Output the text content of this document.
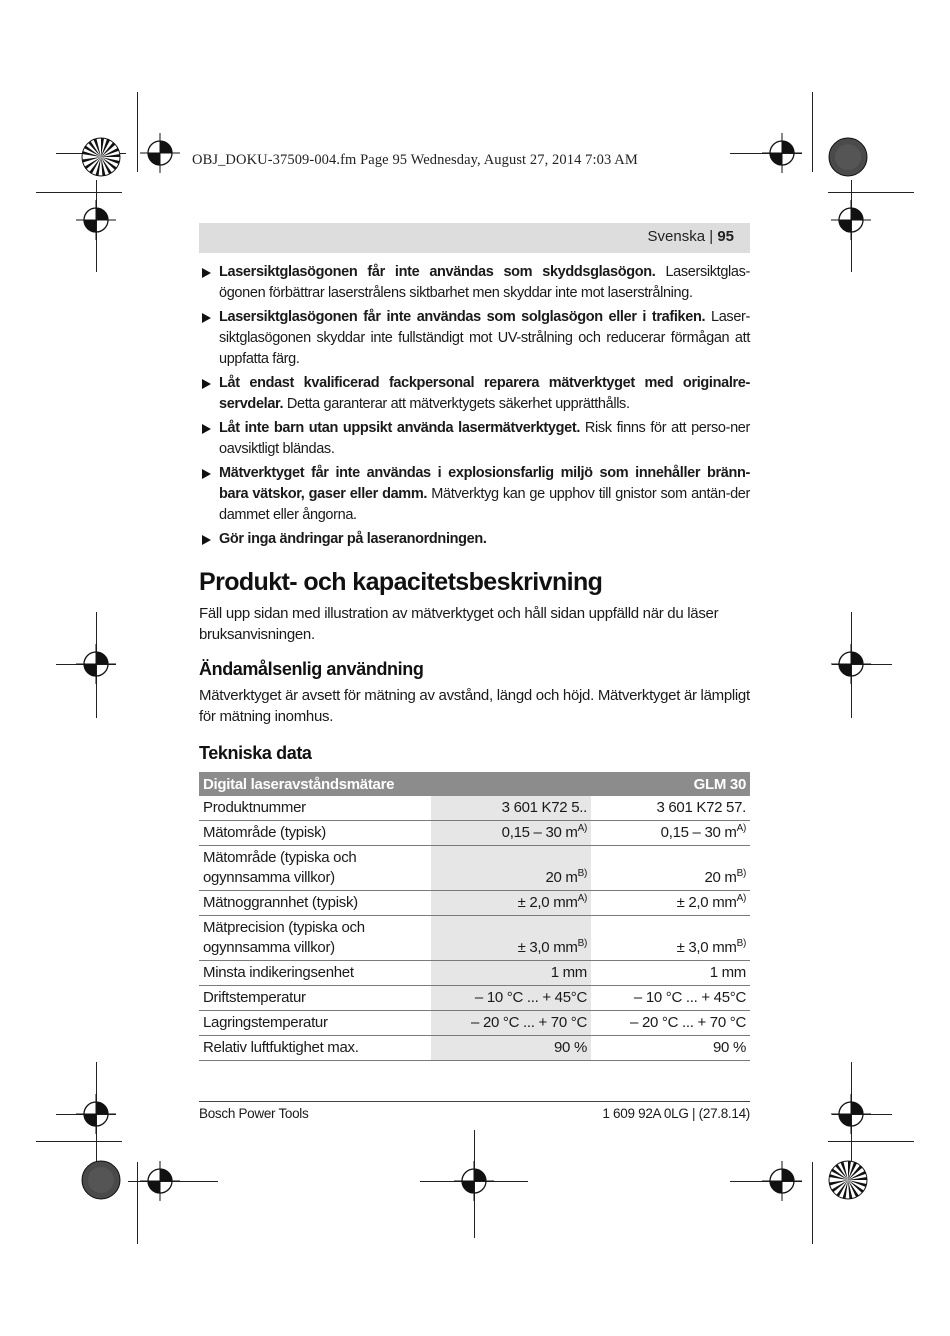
OBJ_DOKU-37509-004.fm Page 95 Wednesday, August 27, 2014 7:03 AM
Svenska | 95
Lasersiktglasögonen får inte användas som skyddsglasögon. Lasersiktglas-ögonen förbättrar laserstrålens siktbarhet men skyddar inte mot laserstrålning.
Lasersiktglasögonen får inte användas som solglasögon eller i trafiken. Laser-siktglasögonen skyddar inte fullständigt mot UV-strålning och reducerar förmågan att uppfatta färg.
Låt endast kvalificerad fackpersonal reparera mätverktyget med originalre-servdelar. Detta garanterar att mätverktygets säkerhet upprätthålls.
Låt inte barn utan uppsikt använda lasermätverktyget. Risk finns för att perso-ner oavsiktligt bländas.
Mätverktyget får inte användas i explosionsfarlig miljö som innehåller bränn-bara vätskor, gaser eller damm. Mätverktyg kan ge upphov till gnistor som antän-der dammet eller ångorna.
Gör inga ändringar på laseranordningen.
Produkt- och kapacitetsbeskrivning

Fäll upp sidan med illustration av mätverktyget och håll sidan uppfälld när du läser bruksanvisningen.

Ändamålsenlig användning

Mätverktyget är avsett för mätning av avstånd, längd och höjd. Mätverktyget är lämpligt för mätning inomhus.

Tekniska data
Digital laseravståndsmätare		GLM 30
Produktnummer	3 601 K72 5..	3 601 K72 57.
Mätområde (typisk)	0,15 – 30 $m^{A)}$	0,15 – 30 $m^{A)}$
Mätområde (typiska och ogynnsamma villkor)	20 $m^{B)}$	20 $m^{B)}$
Mätnoggrannhet (typisk)	± 2,0 $mm^{A)}$	± 2,0 $mm^{A)}$
Mätprecision (typiska och ogynnsamma villkor)	± 3,0 $mm^{B)}$	± 3,0 $mm^{B)}$
Minsta indikeringsenhet	1 mm	1 mm
Driftstemperatur	– 10 °C ... + 45°C	– 10 °C ... + 45°C
Lagringstemperatur	– 20 °C ... + 70 °C	– 20 °C ... + 70 °C
Relativ luftfuktighet max.	90 %	90 %
Bosch Power Tools	1 609 92A 0LG | (27.8.14)
